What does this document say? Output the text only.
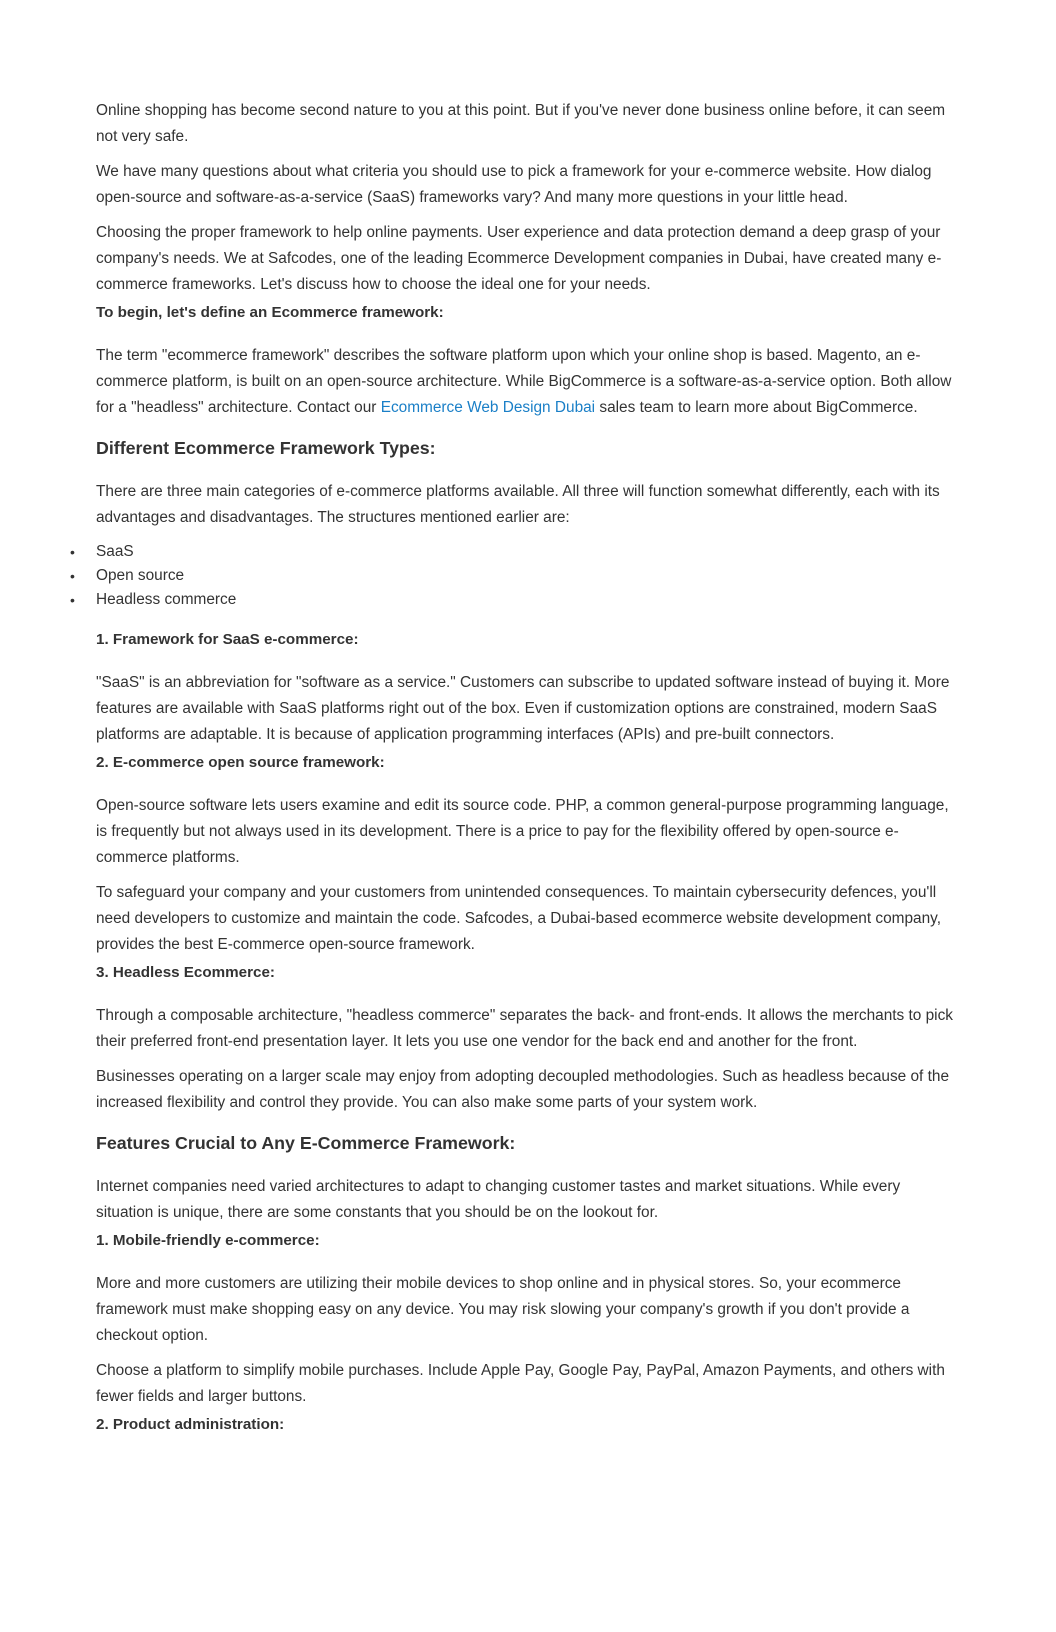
Online shopping has become second nature to you at this point. But if you've never done business online before, it can seem not very safe.

We have many questions about what criteria you should use to pick a framework for your e-commerce website. How dialog open-source and software-as-a-service (SaaS) frameworks vary? And many more questions in your little head.

Choosing the proper framework to help online payments. User experience and data protection demand a deep grasp of your company's needs. We at Safcodes, one of the leading Ecommerce Development companies in Dubai, have created many e-commerce frameworks. Let's discuss how to choose the ideal one for your needs.

To begin, let's define an Ecommerce framework:

The term "ecommerce framework" describes the software platform upon which your online shop is based. Magento, an e-commerce platform, is built on an open-source architecture. While BigCommerce is a software-as-a-service option. Both allow for a "headless" architecture. Contact our Ecommerce Web Design Dubai sales team to learn more about BigCommerce.

Different Ecommerce Framework Types:

There are three main categories of e-commerce platforms available. All three will function somewhat differently, each with its advantages and disadvantages. The structures mentioned earlier are:

• SaaS
• Open source
• Headless commerce

1. Framework for SaaS e-commerce:

"SaaS" is an abbreviation for "software as a service." Customers can subscribe to updated software instead of buying it. More features are available with SaaS platforms right out of the box. Even if customization options are constrained, modern SaaS platforms are adaptable. It is because of application programming interfaces (APIs) and pre-built connectors.

2. E-commerce open source framework:

Open-source software lets users examine and edit its source code. PHP, a common general-purpose programming language, is frequently but not always used in its development. There is a price to pay for the flexibility offered by open-source e-commerce platforms.

To safeguard your company and your customers from unintended consequences. To maintain cybersecurity defences, you'll need developers to customize and maintain the code. Safcodes, a Dubai-based ecommerce website development company, provides the best E-commerce open-source framework.

3. Headless Ecommerce:

Through a composable architecture, "headless commerce" separates the back- and front-ends. It allows the merchants to pick their preferred front-end presentation layer. It lets you use one vendor for the back end and another for the front.

Businesses operating on a larger scale may enjoy from adopting decoupled methodologies. Such as headless because of the increased flexibility and control they provide. You can also make some parts of your system work.

Features Crucial to Any E-Commerce Framework:

Internet companies need varied architectures to adapt to changing customer tastes and market situations. While every situation is unique, there are some constants that you should be on the lookout for.

1. Mobile-friendly e-commerce:

More and more customers are utilizing their mobile devices to shop online and in physical stores. So, your ecommerce framework must make shopping easy on any device. You may risk slowing your company's growth if you don't provide a checkout option.

Choose a platform to simplify mobile purchases. Include Apple Pay, Google Pay, PayPal, Amazon Payments, and others with fewer fields and larger buttons.

2. Product administration:
